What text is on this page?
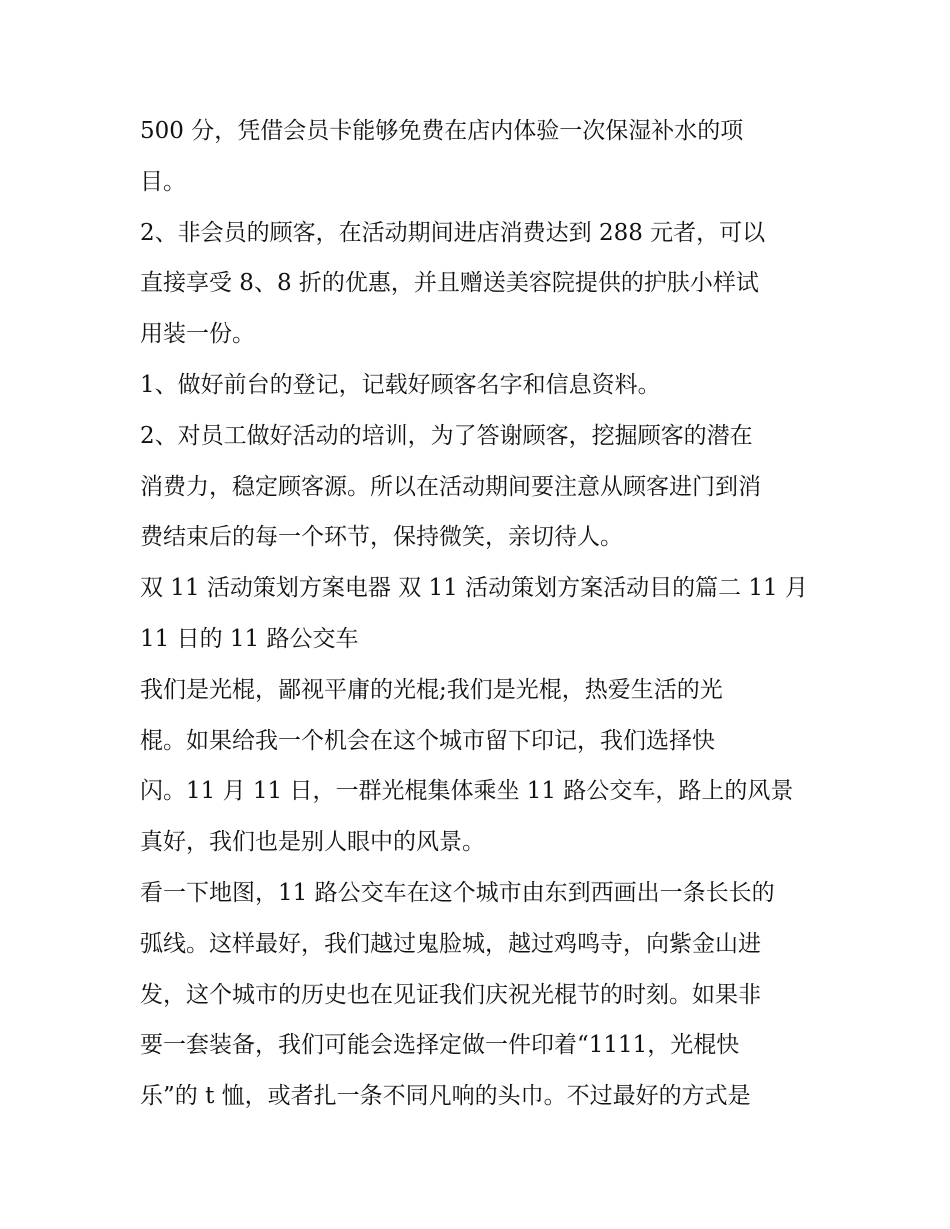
500 分，凭借会员卡能够免费在店内体验一次保湿补水的项
目。
2、非会员的顾客，在活动期间进店消费达到 288 元者，可以
直接享受 8、8 折的优惠，并且赠送美容院提供的护肤小样试
用装一份。
1、做好前台的登记，记载好顾客名字和信息资料。
2、对员工做好活动的培训，为了答谢顾客，挖掘顾客的潜在
消费力，稳定顾客源。所以在活动期间要注意从顾客进门到消
费结束后的每一个环节，保持微笑，亲切待人。
双 11 活动策划方案电器 双 11 活动策划方案活动目的篇二 11 月
11 日的 11 路公交车
我们是光棍，鄙视平庸的光棍;我们是光棍，热爱生活的光
棍。如果给我一个机会在这个城市留下印记，我们选择快
闪。11 月 11 日，一群光棍集体乘坐 11 路公交车，路上的风景
真好，我们也是别人眼中的风景。
看一下地图，11 路公交车在这个城市由东到西画出一条长长的
弧线。这样最好，我们越过鬼脸城，越过鸡鸣寺，向紫金山进
发，这个城市的历史也在见证我们庆祝光棍节的时刻。如果非
要一套装备，我们可能会选择定做一件印着“1111，光棍快
乐”的 t 恤，或者扎一条不同凡响的头巾。不过最好的方式是
